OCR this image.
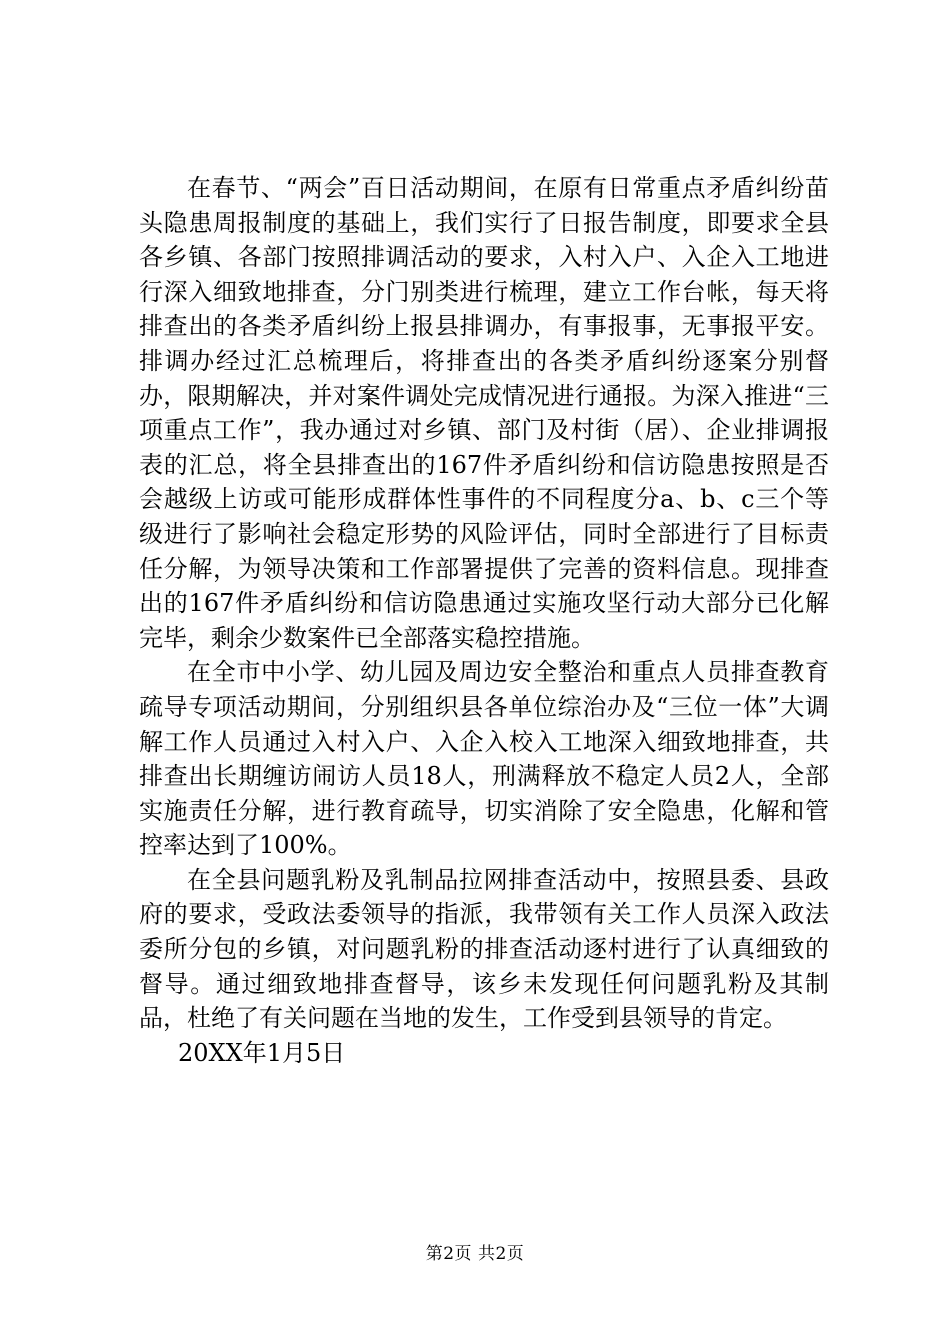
在春节、“两会”百日活动期间，在原有日常重点矛盾纠纷苗头隐患周报制度的基础上，我们实行了日报告制度，即要求全县各乡镇、各部门按照排调活动的要求，入村入户、入企入工地进行深入细致地排查，分门别类进行梳理，建立工作台帐，每天将排查出的各类矛盾纠纷上报县排调办，有事报事，无事报平安。排调办经过汇总梳理后，将排查出的各类矛盾纠纷逐案分别督办，限期解决，并对案件调处完成情况进行通报。为深入推进“三项重点工作”，我办通过对乡镇、部门及村街（居）、企业排调报表的汇总，将全县排查出的167件矛盾纠纷和信访隐患按照是否会越级上访或可能形成群体性事件的不同程度分a、b、c三个等级进行了影响社会稳定形势的风险评估，同时全部进行了目标责任分解，为领导决策和工作部署提供了完善的资料信息。现排查出的167件矛盾纠纷和信访隐患通过实施攻坚行动大部分已化解完毕，剩余少数案件已全部落实稳控措施。

在全市中小学、幼儿园及周边安全整治和重点人员排查教育疏导专项活动期间，分别组织县各单位综治办及“三位一体”大调解工作人员通过入村入户、入企入校入工地深入细致地排查，共排查出长期缠访闹访人员18人，刑满释放不稳定人员2人，全部实施责任分解，进行教育疏导，切实消除了安全隐患，化解和管控率达到了100%。

在全县问题乳粉及乳制品拉网排查活动中，按照县委、县政府的要求，受政法委领导的指派，我带领有关工作人员深入政法委所分包的乡镇，对问题乳粉的排查活动逐村进行了认真细致的督导。通过细致地排查督导，该乡未发现任何问题乳粉及其制品，杜绝了有关问题在当地的发生，工作受到县领导的肯定。

20XX年1月5日
第2页 共2页
